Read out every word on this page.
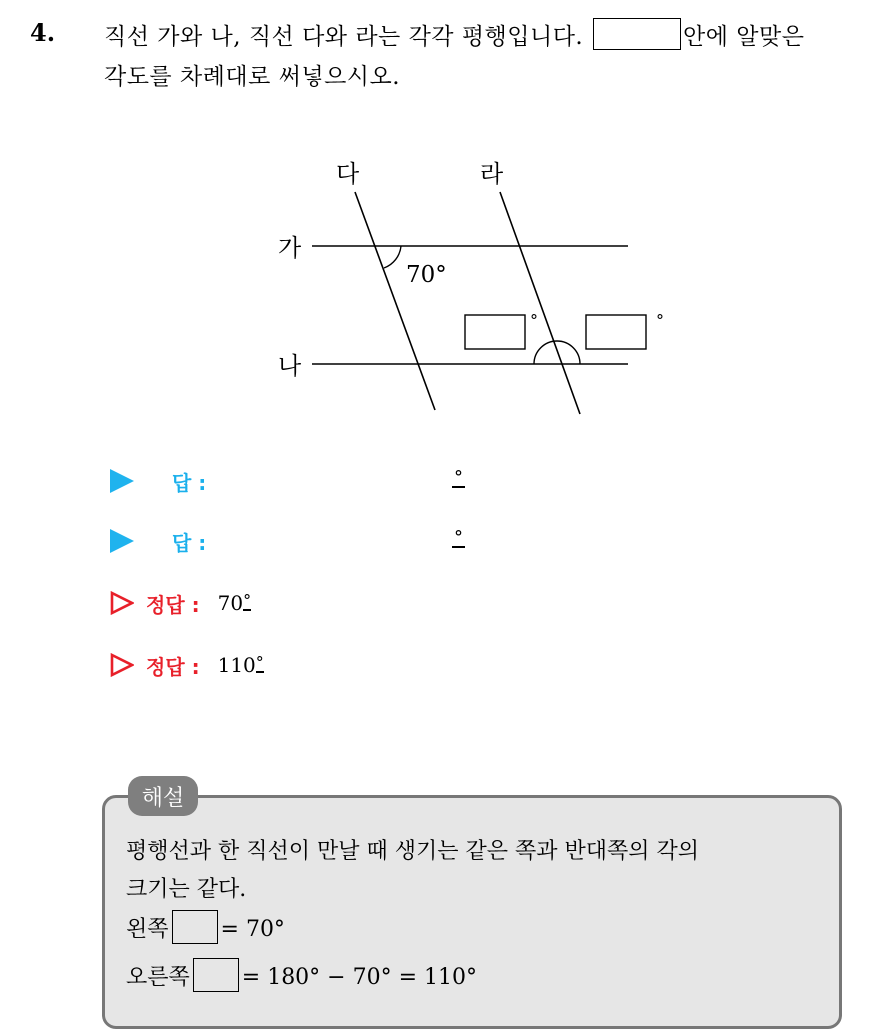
4. 직선 가와 나, 직선 다와 라는 각각 평행입니다.	안에 알맞은
각도를 차례대로 써넣으시오.
가
나
다	라
70°
°	°
답 :	°
답 :	°
정답 : 70°
정답 : 110°
해설
평행선과 한 직선이 만날 때 생기는 같은 쪽과 반대쪽의 각의
크기는 같다.
왼쪽 = 70°
오른쪽 = 180° − 70° = 110°
